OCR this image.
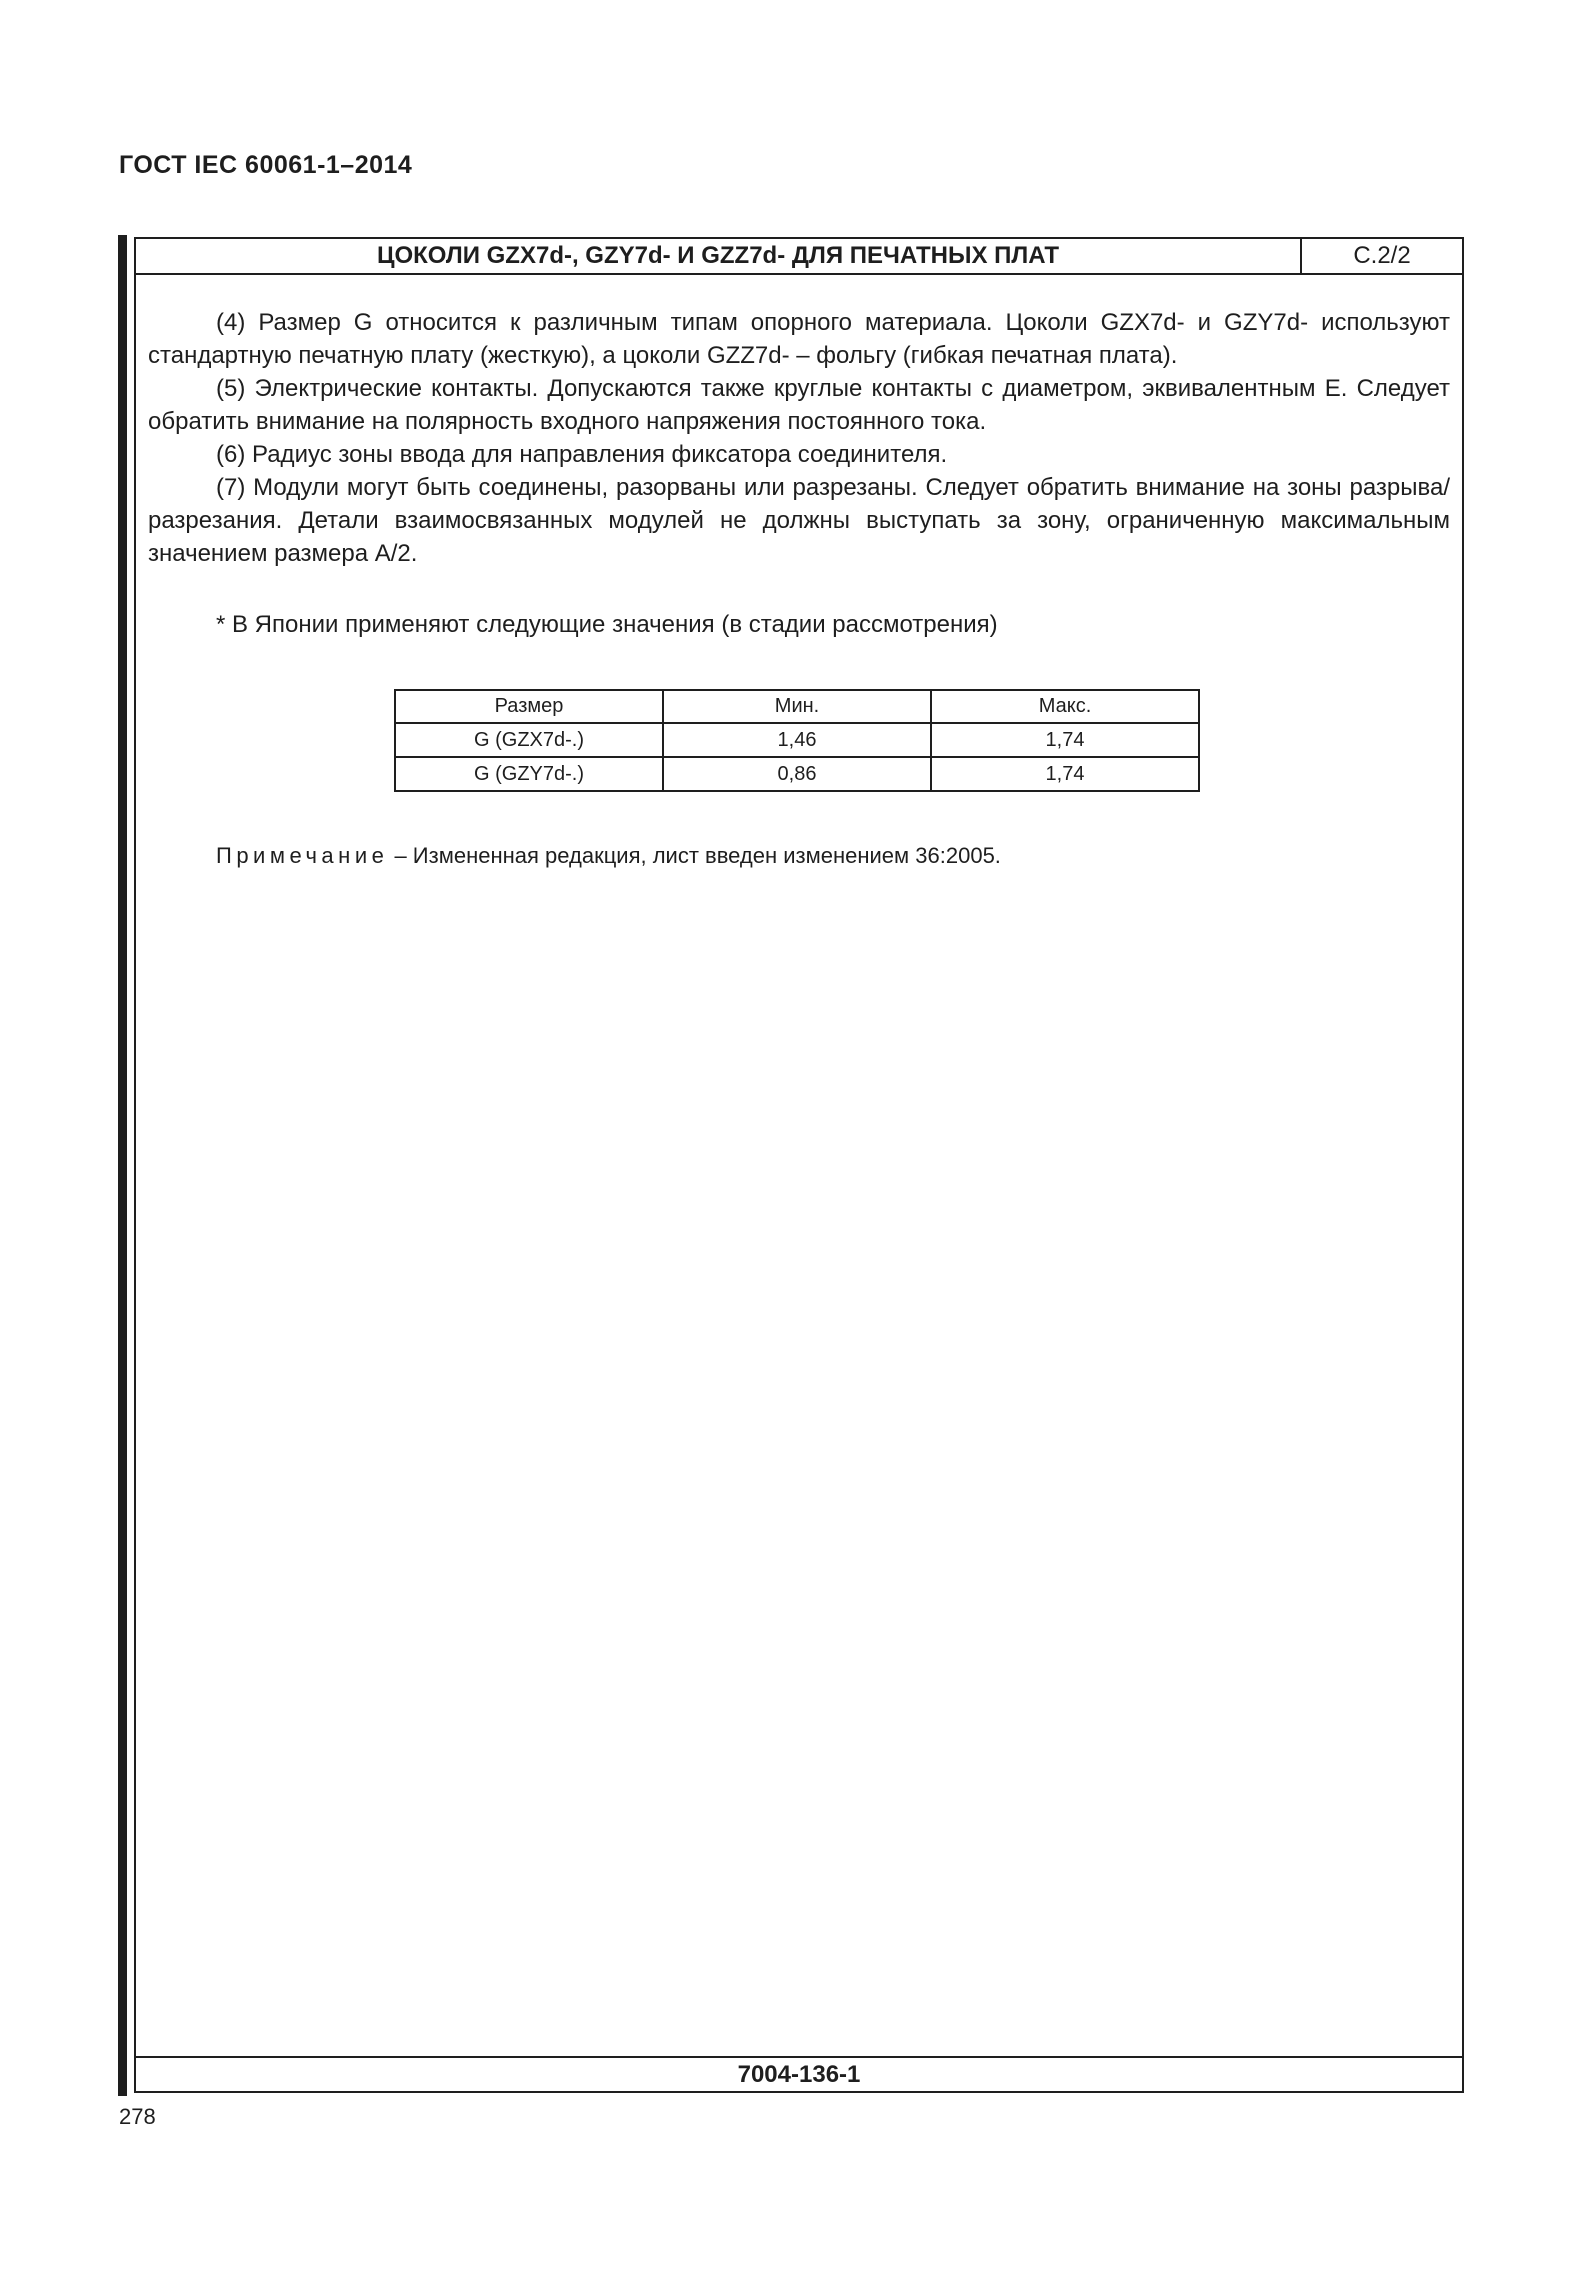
ГОСТ IEC 60061-1–2014
ЦОКОЛИ GZX7d-, GZY7d- И GZZ7d- ДЛЯ ПЕЧАТНЫХ ПЛАТ	С.2/2

(4) Размер G относится к различным типам опорного материала. Цоколи GZX7d- и GZY7d- используют стандартную печатную плату (жесткую), а цоколи GZZ7d- – фольгу (гибкая печатная плата).

(5) Электрические контакты. Допускаются также круглые контакты с диаметром, эквивалентным E. Следует обратить внимание на полярность входного напряжения постоянного тока.

(6) Радиус зоны ввода для направления фиксатора соединителя.

(7) Модули могут быть соединены, разорваны или разрезаны. Следует обратить внимание на зоны разрыва/разрезания. Детали взаимосвязанных модулей не должны выступать за зону, ограниченную максимальным значением размера A/2.

* В Японии применяют следующие значения (в стадии рассмотрения)
Размер	Мин.	Макс.
G (GZX7d-.)	1,46	1,74
G (GZY7d-.)	0,86	1,74
Примечание – Измененная редакция, лист введен изменением 36:2005.
7004-136-1
278
